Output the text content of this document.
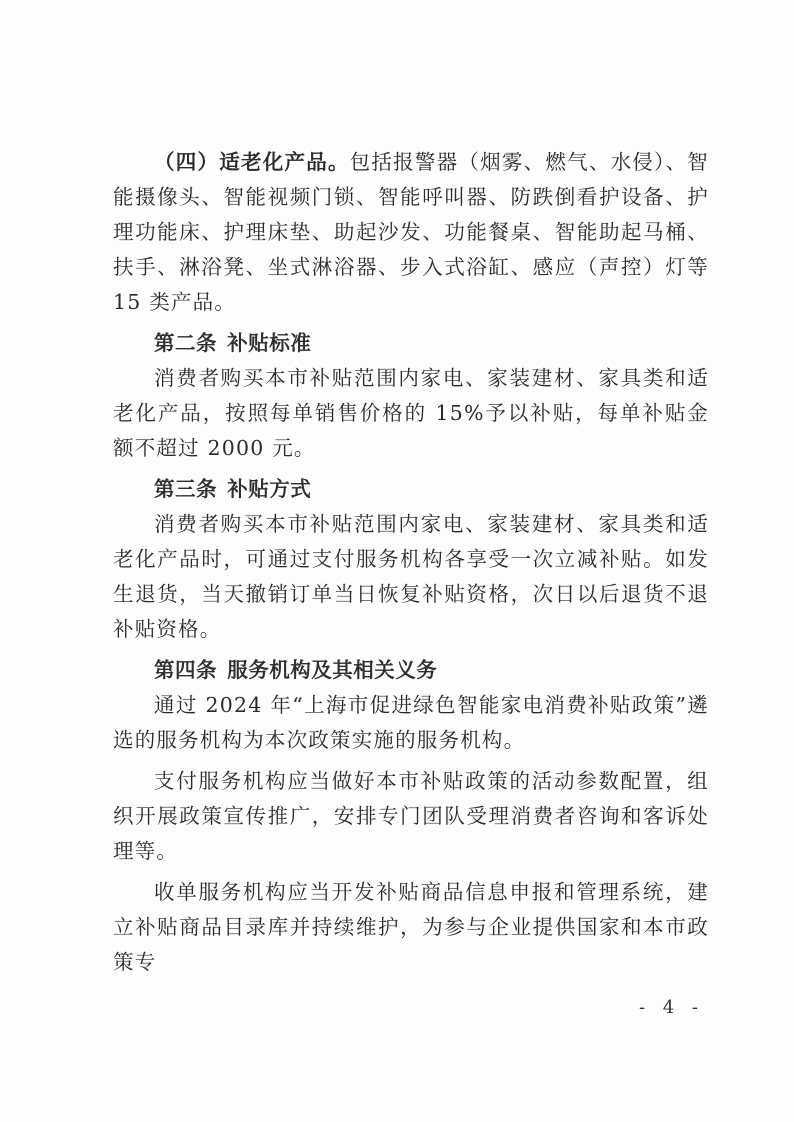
（四）适老化产品。包括报警器（烟雾、燃气、水侵）、智能摄像头、智能视频门锁、智能呼叫器、防跌倒看护设备、护理功能床、护理床垫、助起沙发、功能餐桌、智能助起马桶、扶手、淋浴凳、坐式淋浴器、步入式浴缸、感应（声控）灯等 15 类产品。

第二条 补贴标准

消费者购买本市补贴范围内家电、家装建材、家具类和适老化产品，按照每单销售价格的 15%予以补贴，每单补贴金额不超过 2000 元。

第三条 补贴方式

消费者购买本市补贴范围内家电、家装建材、家具类和适老化产品时，可通过支付服务机构各享受一次立减补贴。如发生退货，当天撤销订单当日恢复补贴资格，次日以后退货不退补贴资格。

第四条 服务机构及其相关义务

通过 2024 年“上海市促进绿色智能家电消费补贴政策”遴选的服务机构为本次政策实施的服务机构。

支付服务机构应当做好本市补贴政策的活动参数配置，组织开展政策宣传推广，安排专门团队受理消费者咨询和客诉处理等。

收单服务机构应当开发补贴商品信息申报和管理系统，建立补贴商品目录库并持续维护，为参与企业提供国家和本市政策专

- 4 -
